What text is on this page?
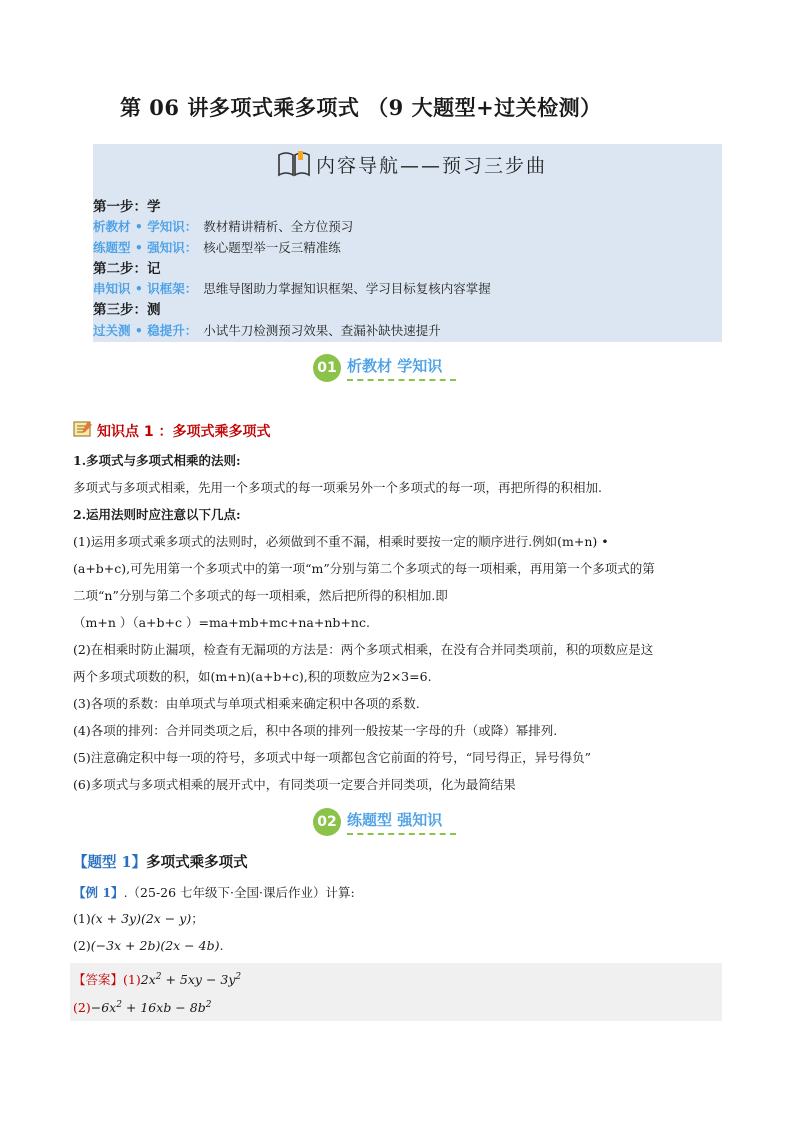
第 06 讲多项式乘多项式 （9 大题型+过关检测）
内容导航——预习三步曲
第一步：学
析教材 • 学知识： 教材精讲精析、全方位预习
练题型 • 强知识： 核心题型举一反三精准练
第二步：记
串知识 • 识框架： 思维导图助力掌握知识框架、学习目标复核内容掌握
第三步：测
过关测 • 稳提升： 小试牛刀检测预习效果、查漏补缺快速提升
01 析教材 学知识
知识点 1 ：多项式乘多项式
1.多项式与多项式相乘的法则:
多项式与多项式相乘，先用一个多项式的每一项乘另外一个多项式的每一项，再把所得的积相加.
2.运用法则时应注意以下几点:
(1)运用多项式乘多项式的法则时，必须做到不重不漏，相乘时要按一定的顺序进行.例如(m+n) •
(a+b+c),可先用第一个多项式中的第一项“m”分别与第二个多项式的每一项相乘，再用第一个多项式的第
二项“n”分别与第二个多项式的每一项相乘，然后把所得的积相加.即
（m+n ）（a+b+c ）=ma+mb+mc+na+nb+nc.
(2)在相乘时防止漏项，检查有无漏项的方法是：两个多项式相乘，在没有合并同类项前，积的项数应是这
两个多项式项数的积，如(m+n)(a+b+c),积的项数应为2×3=6.
(3)各项的系数：由单项式与单项式相乘来确定积中各项的系数.
(4)各项的排列：合并同类项之后，积中各项的排列一般按某一字母的升（或降）幂排列.
(5)注意确定积中每一项的符号，多项式中每一项都包含它前面的符号，“同号得正，异号得负”
(6)多项式与多项式相乘的展开式中，有同类项一定要合并同类项，化为最简结果
02 练题型 强知识
【题型 1】多项式乘多项式
【例 1】.（25-26 七年级下·全国·课后作业）计算:
(1)(x + 3y)(2x − y)；
(2)(−3x + 2b)(2x − 4b).
【答案】$(1)2x^2 + 5xy - 3y^2$
$(2)-6x^2 + 16xb - 8b^2$
